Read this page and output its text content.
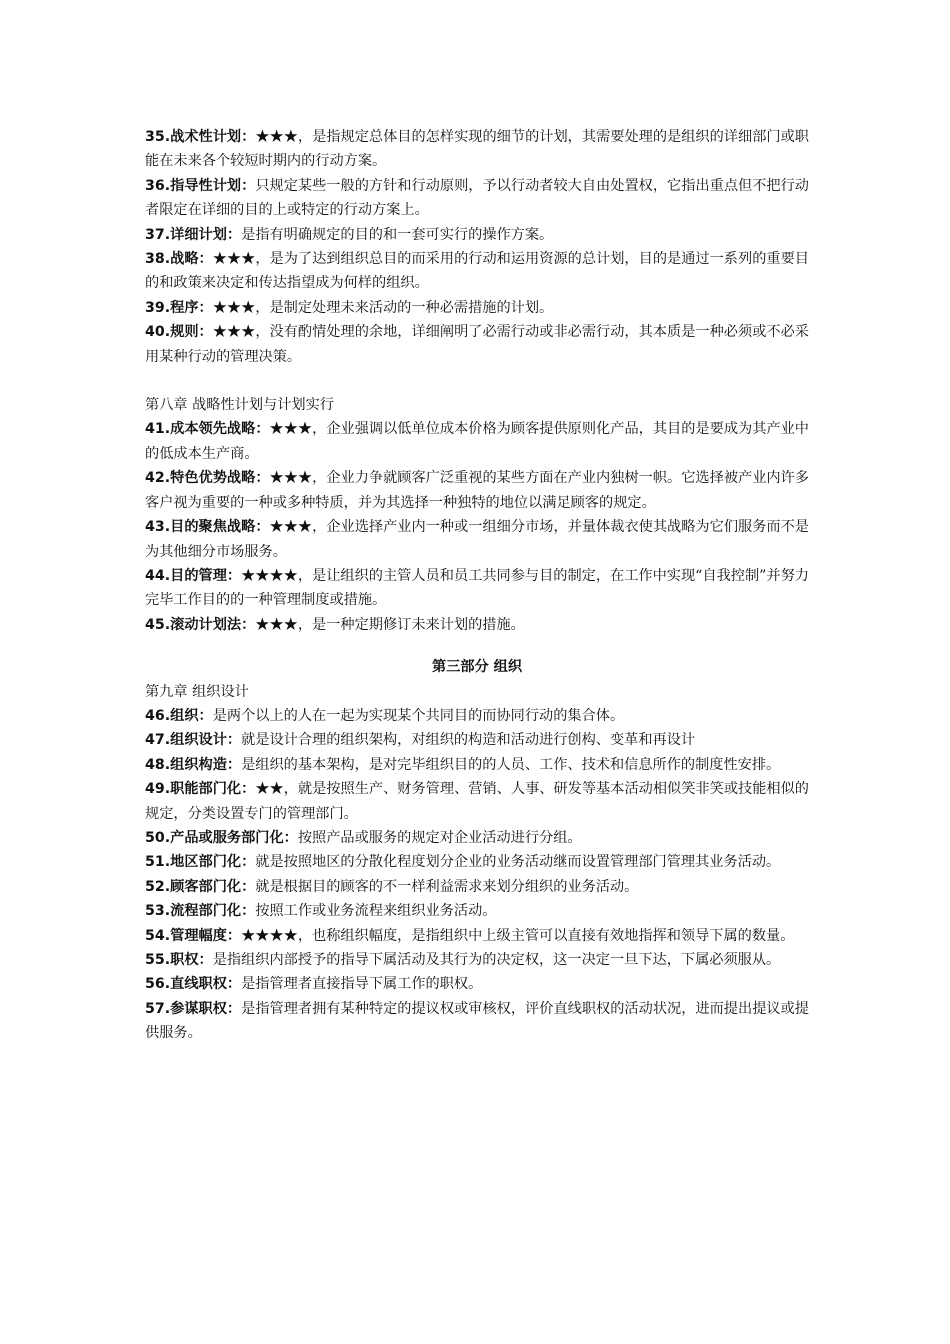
35.战术性计划：★★★，是指规定总体目的怎样实现的细节的计划，其需要处理的是组织的详细部门或职能在未来各个较短时期内的行动方案。

36.指导性计划：只规定某些一般的方针和行动原则，予以行动者较大自由处置权，它指出重点但不把行动者限定在详细的目的上或特定的行动方案上。

37.详细计划：是指有明确规定的目的和一套可实行的操作方案。

38.战略：★★★，是为了达到组织总目的而采用的行动和运用资源的总计划，目的是通过一系列的重要目的和政策来决定和传达指望成为何样的组织。

39.程序：★★★，是制定处理未来活动的一种必需措施的计划。

40.规则：★★★，没有酌情处理的余地，详细阐明了必需行动或非必需行动，其本质是一种必须或不必采用某种行动的管理决策。

第八章 战略性计划与计划实行

41.成本领先战略：★★★，企业强调以低单位成本价格为顾客提供原则化产品，其目的是要成为其产业中的低成本生产商。

42.特色优势战略：★★★，企业力争就顾客广泛重视的某些方面在产业内独树一帜。它选择被产业内许多客户视为重要的一种或多种特质，并为其选择一种独特的地位以满足顾客的规定。

43.目的聚焦战略：★★★，企业选择产业内一种或一组细分市场，并量体裁衣使其战略为它们服务而不是为其他细分市场服务。

44.目的管理：★★★★，是让组织的主管人员和员工共同参与目的制定，在工作中实现“自我控制”并努力完毕工作目的的一种管理制度或措施。

45.滚动计划法：★★★，是一种定期修订未来计划的措施。

第三部分 组织

第九章 组织设计

46.组织：是两个以上的人在一起为实现某个共同目的而协同行动的集合体。

47.组织设计：就是设计合理的组织架构，对组织的构造和活动进行创构、变革和再设计

48.组织构造：是组织的基本架构，是对完毕组织目的的人员、工作、技术和信息所作的制度性安排。

49.职能部门化：★★，就是按照生产、财务管理、营销、人事、研发等基本活动相似笑非笑或技能相似的规定，分类设置专门的管理部门。

50.产品或服务部门化：按照产品或服务的规定对企业活动进行分组。

51.地区部门化：就是按照地区的分散化程度划分企业的业务活动继而设置管理部门管理其业务活动。

52.顾客部门化：就是根据目的顾客的不一样利益需求来划分组织的业务活动。

53.流程部门化：按照工作或业务流程来组织业务活动。

54.管理幅度：★★★★，也称组织幅度，是指组织中上级主管可以直接有效地指挥和领导下属的数量。

55.职权：是指组织内部授予的指导下属活动及其行为的决定权，这一决定一旦下达，下属必须服从。

56.直线职权：是指管理者直接指导下属工作的职权。

57.参谋职权：是指管理者拥有某种特定的提议权或审核权，评价直线职权的活动状况，进而提出提议或提供服务。
